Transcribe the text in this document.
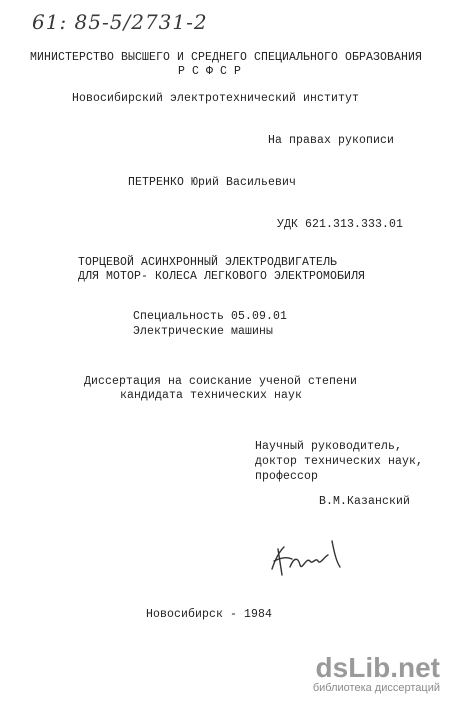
61: 85-5/2731-2
МИНИСТЕРСТВО ВЫСШЕГО И СРЕДНЕГО СПЕЦИАЛЬНОГО ОБРАЗОВАНИЯ
Р С Ф С Р
Новосибирский электротехнический институт
На правах рукописи
ПЕТРЕНКО Юрий Васильевич
УДК 621.313.333.01
ТОРЦЕВОЙ АСИНХРОННЫЙ ЭЛЕКТРОДВИГАТЕЛЬ
ДЛЯ МОТОР- КОЛЕСА ЛЕГКОВОГО ЭЛЕКТРОМОБИЛЯ
Специальность 05.09.01
Электрические машины
Диссертация на соискание ученой степени
кандидата технических наук
Научный руководитель,
доктор технических наук,
профессор
В.М.Казанский
Новосибирск - 1984
dsLib.net
библиотека диссертаций
